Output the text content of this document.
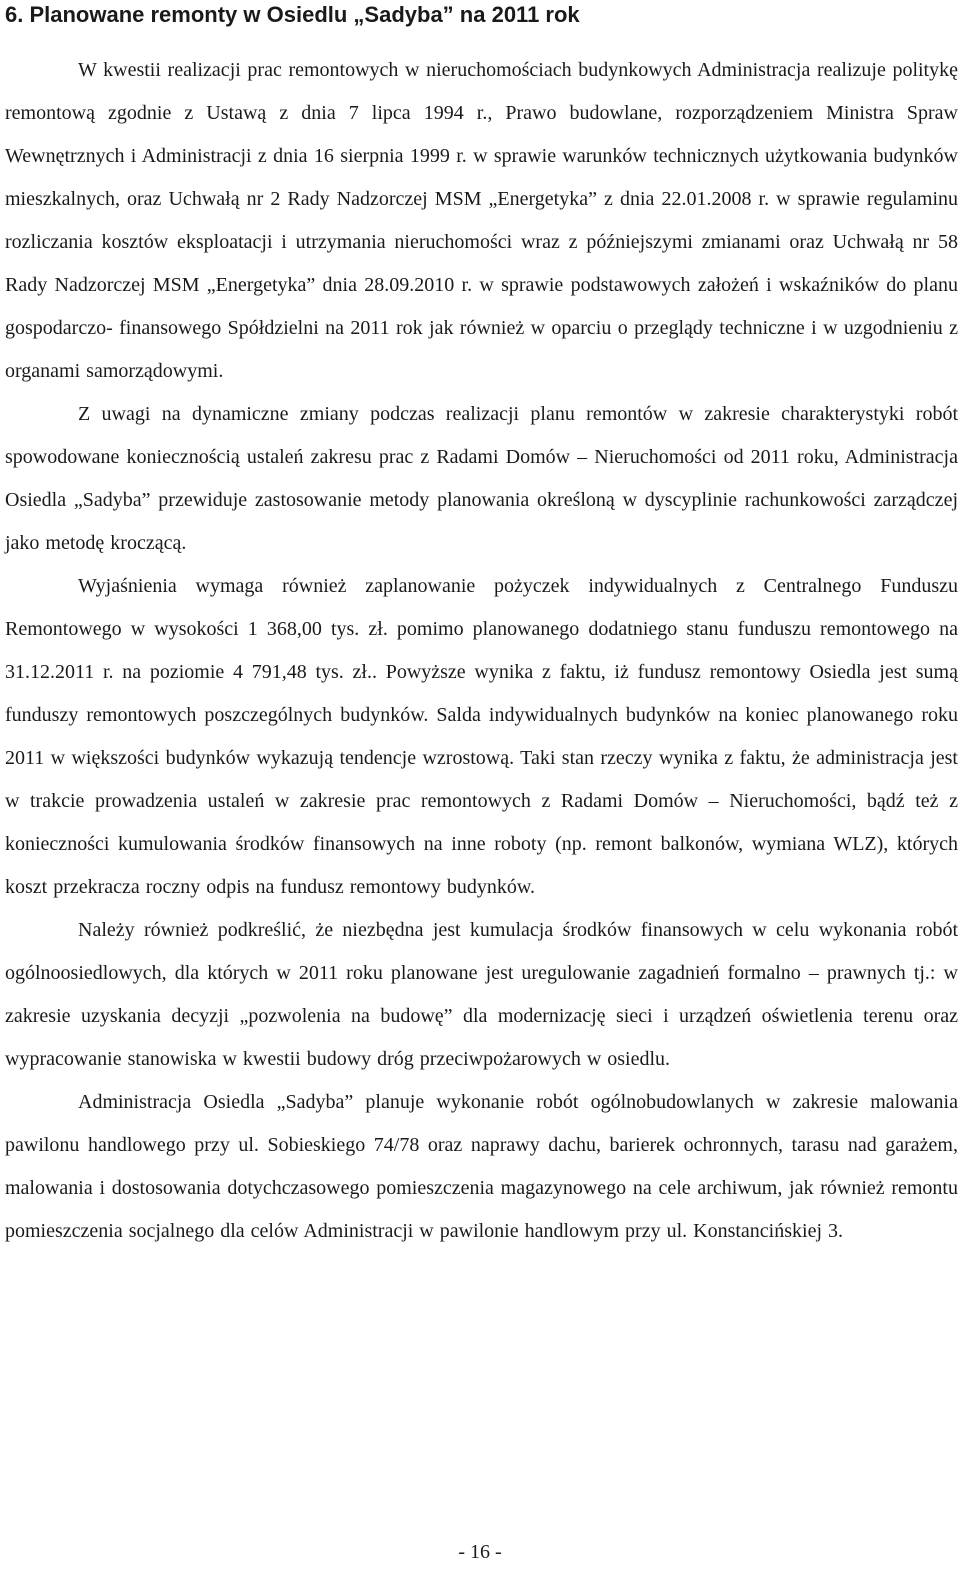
6. Planowane remonty w Osiedlu „Sadyba” na 2011 rok

W kwestii realizacji prac remontowych w nieruchomościach budynkowych Administracja realizuje politykę remontową zgodnie z Ustawą z dnia 7 lipca 1994 r., Prawo budowlane, rozporządzeniem Ministra Spraw Wewnętrznych i Administracji z dnia 16 sierpnia 1999 r. w sprawie warunków technicznych użytkowania budynków mieszkalnych, oraz Uchwałą nr 2 Rady Nadzorczej MSM „Energetyka” z dnia 22.01.2008 r. w sprawie regulaminu rozliczania kosztów eksploatacji i utrzymania nieruchomości wraz z późniejszymi zmianami oraz Uchwałą nr 58 Rady Nadzorczej MSM „Energetyka” dnia 28.09.2010 r. w sprawie podstawowych założeń i wskaźników do planu gospodarczo- finansowego Spółdzielni na 2011 rok jak również w oparciu o przeglądy techniczne i w uzgodnieniu z organami samorządowymi.

Z uwagi na dynamiczne zmiany podczas realizacji planu remontów w zakresie charakterystyki robót spowodowane koniecznością ustaleń zakresu prac z Radami Domów – Nieruchomości od 2011 roku, Administracja Osiedla „Sadyba” przewiduje zastosowanie metody planowania określoną w dyscyplinie rachunkowości zarządczej jako metodę kroczącą.

Wyjaśnienia wymaga również zaplanowanie pożyczek indywidualnych z Centralnego Funduszu Remontowego w wysokości 1 368,00 tys. zł. pomimo planowanego dodatniego stanu funduszu remontowego na 31.12.2011 r. na poziomie 4 791,48 tys. zł.. Powyższe wynika z faktu, iż fundusz remontowy Osiedla jest sumą funduszy remontowych poszczególnych budynków. Salda indywidualnych budynków na koniec planowanego roku 2011 w większości budynków wykazują tendencje wzrostową. Taki stan rzeczy wynika z faktu, że administracja jest w trakcie prowadzenia ustaleń w zakresie prac remontowych z Radami Domów – Nieruchomości, bądź też z konieczności kumulowania środków finansowych na inne roboty (np. remont balkonów, wymiana WLZ), których koszt przekracza roczny odpis na fundusz remontowy budynków.

Należy również podkreślić, że niezbędna jest kumulacja środków finansowych w celu wykonania robót ogólnoosiedlowych, dla których w 2011 roku planowane jest uregulowanie zagadnień formalno – prawnych tj.: w zakresie uzyskania decyzji „pozwolenia na budowę” dla modernizację sieci i urządzeń oświetlenia terenu oraz wypracowanie stanowiska w kwestii budowy dróg przeciwpożarowych w osiedlu.

Administracja Osiedla „Sadyba” planuje wykonanie robót ogólnobudowlanych w zakresie malowania pawilonu handlowego przy ul. Sobieskiego 74/78 oraz naprawy dachu, barierek ochronnych, tarasu nad garażem, malowania i dostosowania dotychczasowego pomieszczenia magazynowego na cele archiwum, jak również remontu pomieszczenia socjalnego dla celów Administracji w pawilonie handlowym przy ul. Konstancińskiej 3.

- 16 -
